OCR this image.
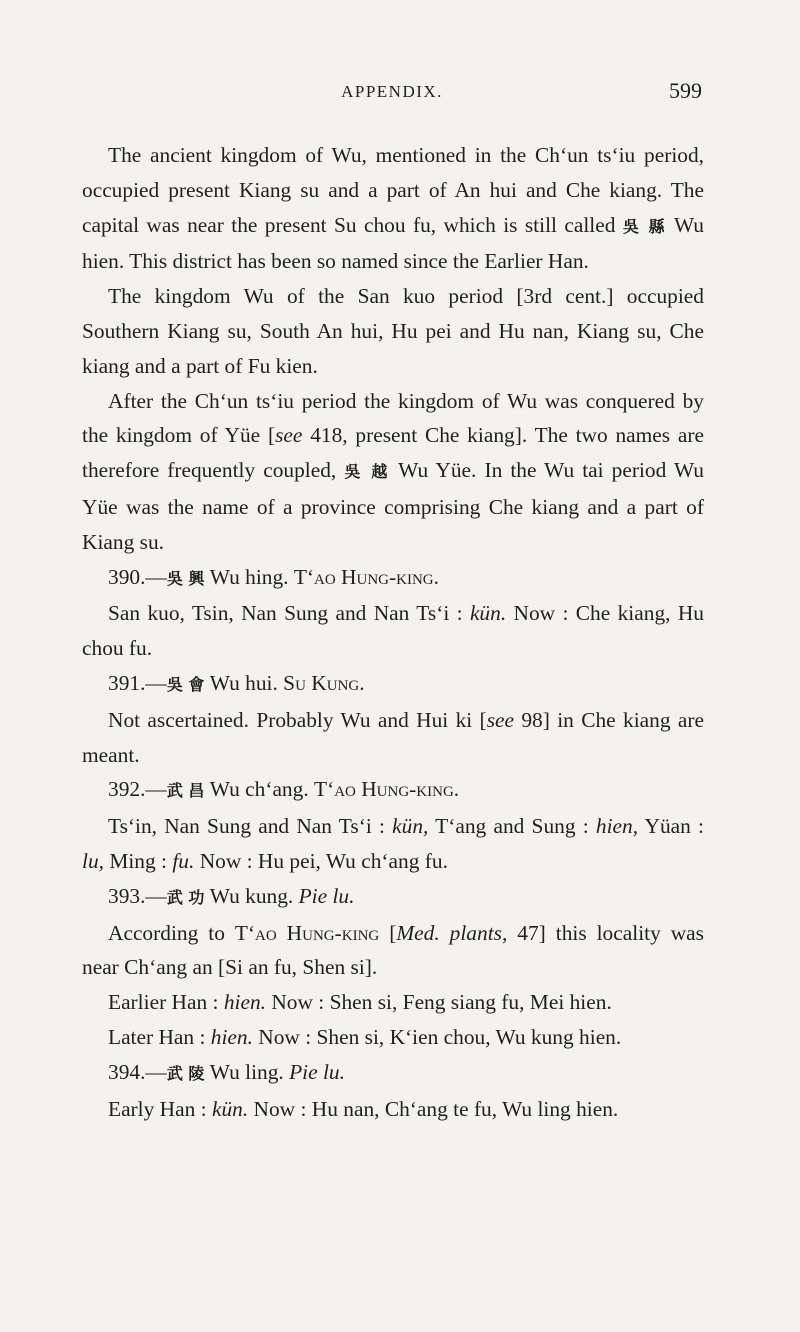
APPENDIX.	599

The ancient kingdom of Wu, mentioned in the Ch‘un ts‘iu period, occupied present Kiang su and a part of An hui and Che kiang. The capital was near the present Su chou fu, which is still called 吳 縣 Wu hien. This district has been so named since the Earlier Han.

The kingdom Wu of the San kuo period [3rd cent.] occupied Southern Kiang su, South An hui, Hu pei and Hu nan, Kiang su, Che kiang and a part of Fu kien.

After the Ch‘un ts‘iu period the kingdom of Wu was conquered by the kingdom of Yüe [see 418, present Che kiang]. The two names are therefore frequently coupled, 吳 越 Wu Yüe. In the Wu tai period Wu Yüe was the name of a province comprising Che kiang and a part of Kiang su.

390.—吳 興 Wu hing. T‘ao Hung-king.

San kuo, Tsin, Nan Sung and Nan Ts‘i : kün. Now : Che kiang, Hu chou fu.

391.—吳 會 Wu hui. Su Kung.

Not ascertained. Probably Wu and Hui ki [see 98] in Che kiang are meant.

392.—武 昌 Wu ch‘ang. T‘ao Hung-king.

Ts‘in, Nan Sung and Nan Ts‘i : kün, T‘ang and Sung : hien, Yüan : lu, Ming : fu. Now : Hu pei, Wu ch‘ang fu.

393.—武 功 Wu kung. Pie lu.

According to T‘ao Hung-king [Med. plants, 47] this locality was near Ch‘ang an [Si an fu, Shen si].

Earlier Han : hien. Now : Shen si, Feng siang fu, Mei hien.

Later Han : hien. Now : Shen si, K‘ien chou, Wu kung hien.

394.—武 陵 Wu ling. Pie lu.

Early Han : kün. Now : Hu nan, Ch‘ang te fu, Wu ling hien.
